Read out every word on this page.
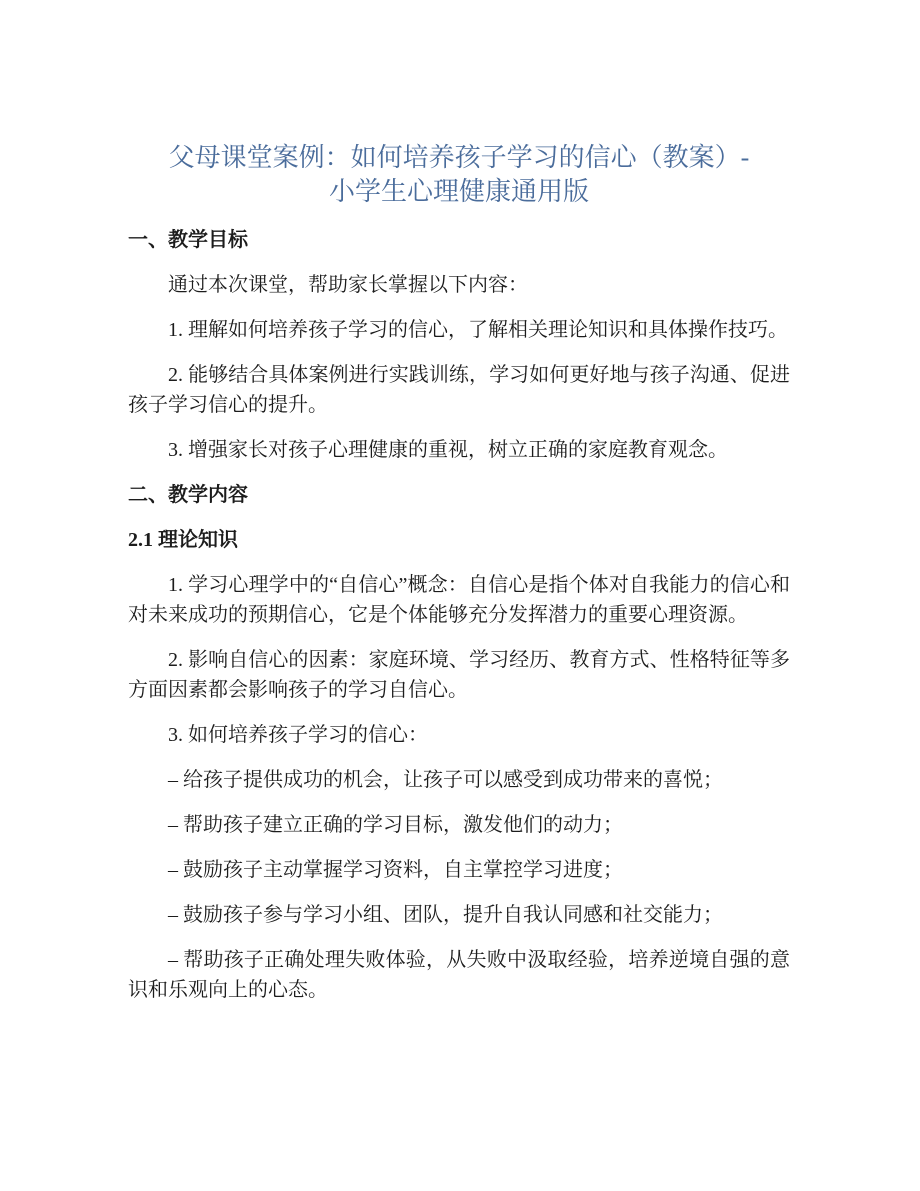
父母课堂案例：如何培养孩子学习的信心（教案）-
小学生心理健康通用版
一、教学目标

通过本次课堂，帮助家长掌握以下内容：

1. 理解如何培养孩子学习的信心，了解相关理论知识和具体操作技巧。

2. 能够结合具体案例进行实践训练，学习如何更好地与孩子沟通、促进孩子学习信心的提升。

3. 增强家长对孩子心理健康的重视，树立正确的家庭教育观念。

二、教学内容
2.1 理论知识

1. 学习心理学中的“自信心”概念：自信心是指个体对自我能力的信心和对未来成功的预期信心，它是个体能够充分发挥潜力的重要心理资源。

2. 影响自信心的因素：家庭环境、学习经历、教育方式、性格特征等多方面因素都会影响孩子的学习自信心。

3. 如何培养孩子学习的信心：

– 给孩子提供成功的机会，让孩子可以感受到成功带来的喜悦；

– 帮助孩子建立正确的学习目标，激发他们的动力；

– 鼓励孩子主动掌握学习资料，自主掌控学习进度；

– 鼓励孩子参与学习小组、团队，提升自我认同感和社交能力；

– 帮助孩子正确处理失败体验，从失败中汲取经验，培养逆境自强的意识和乐观向上的心态。
